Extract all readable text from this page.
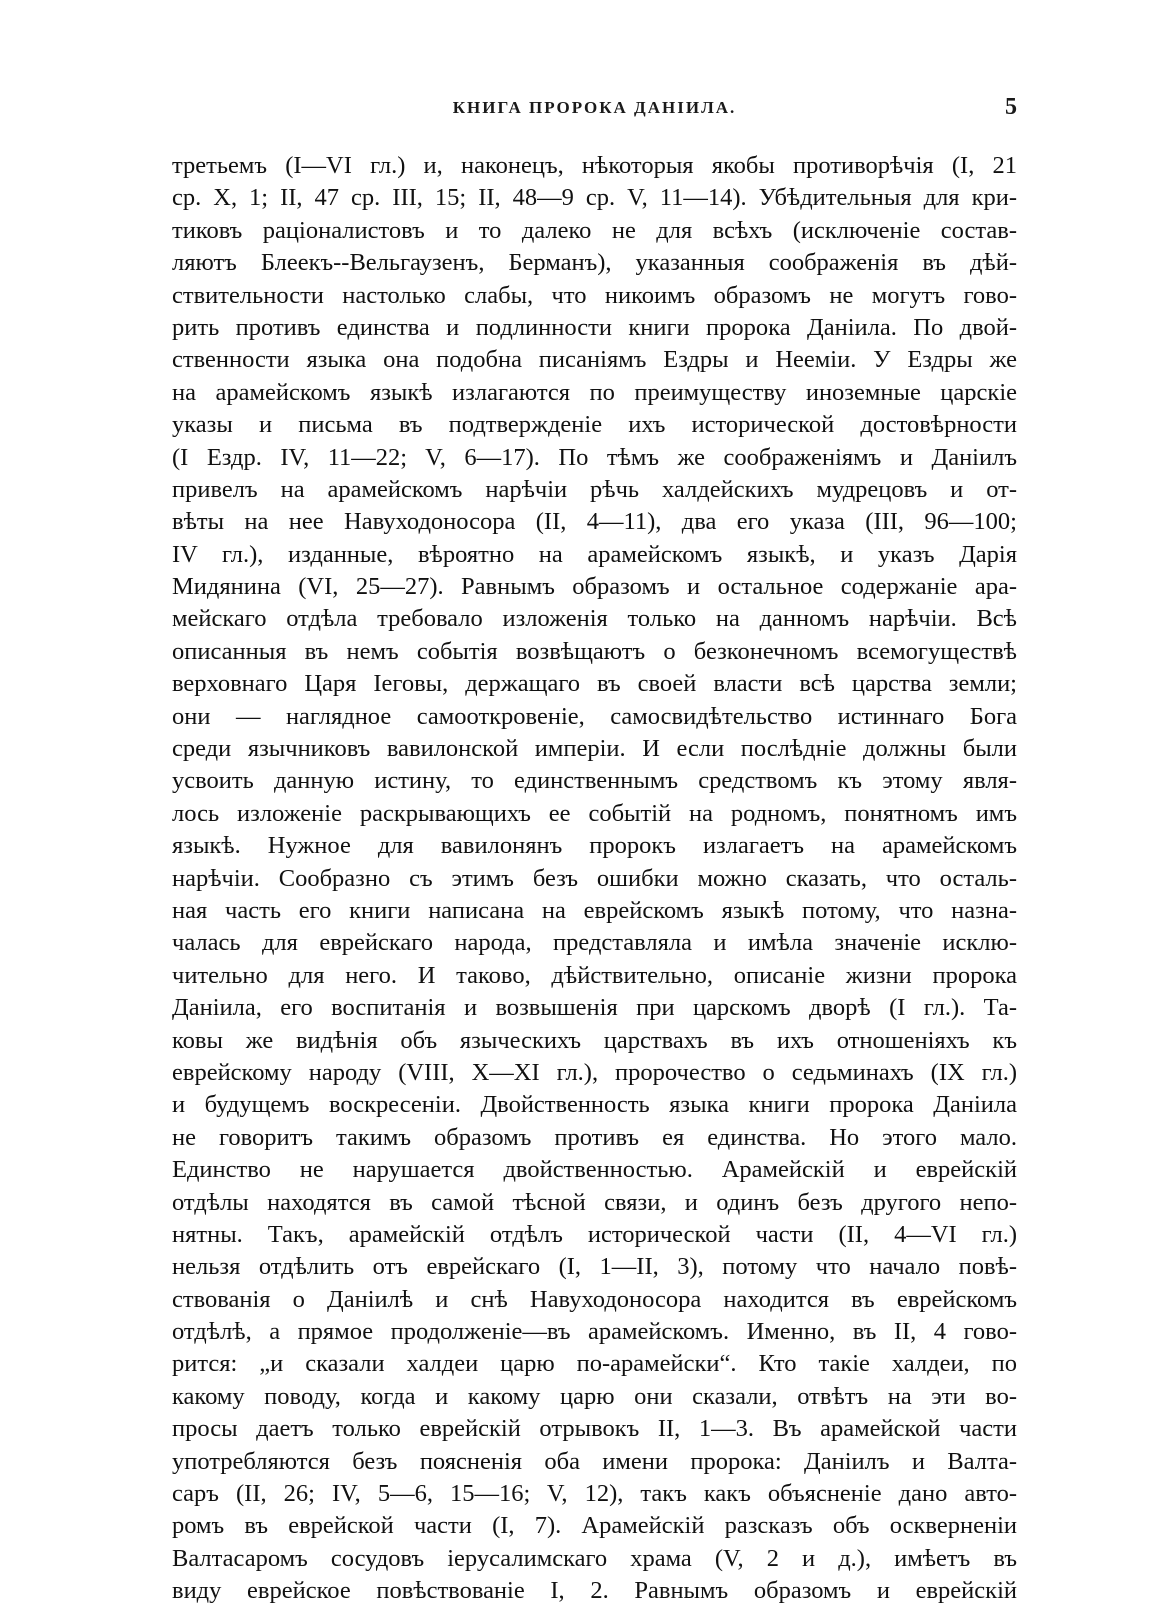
КНИГА ПРОРОКА ДАНІИЛА.	5
третьемъ (I—VI гл.) и, наконецъ, нѣкоторыя якобы противорѣчія (I, 21
ср. X, 1; II, 47 ср. III, 15; II, 48—9 ср. V, 11—14). Убѣдительныя для кри-
тиковъ раціоналистовъ и то далеко не для всѣхъ (исключеніе состав-
ляютъ Блеекъ--Вельгаузенъ, Берманъ), указанныя соображенія въ дѣй-
ствительности настолько слабы, что никоимъ образомъ не могутъ гово-
рить противъ единства и подлинности книги пророка Даніила. По двой-
ственности языка она подобна писаніямъ Ездры и Нееміи. У Ездры же
на арамейскомъ языкѣ излагаются по преимуществу иноземные царскіе
указы и письма въ подтвержденіе ихъ исторической достовѣрности
(I Ездр. IV, 11—22; V, 6—17). По тѣмъ же соображеніямъ и Даніилъ
привелъ на арамейскомъ нарѣчіи рѣчь халдейскихъ мудрецовъ и от-
вѣты на нее Навуходоносора (II, 4—11), два его указа (III, 96—100;
IV гл.), изданные, вѣроятно на арамейскомъ языкѣ, и указъ Дарія
Мидянина (VI, 25—27). Равнымъ образомъ и остальное содержаніе ара-
мейскаго отдѣла требовало изложенія только на данномъ нарѣчіи. Всѣ
описанныя въ немъ событія возвѣщаютъ о безконечномъ всемогуществѣ
верховнаго Царя Іеговы, держащаго въ своей власти всѣ царства земли;
они — наглядное самооткровеніе, самосвидѣтельство истиннаго Бога
среди язычниковъ вавилонской имперіи. И если послѣдніе должны были
усвоить данную истину, то единственнымъ средствомъ къ этому явля-
лось изложеніе раскрывающихъ ее событій на родномъ, понятномъ имъ
языкѣ. Нужное для вавилонянъ пророкъ излагаетъ на арамейскомъ
нарѣчіи. Сообразно съ этимъ безъ ошибки можно сказать, что осталь-
ная часть его книги написана на еврейскомъ языкѣ потому, что назна-
чалась для еврейскаго народа, представляла и имѣла значеніе исклю-
чительно для него. И таково, дѣйствительно, описаніе жизни пророка
Даніила, его воспитанія и возвышенія при царскомъ дворѣ (I гл.). Та-
ковы же видѣнія объ языческихъ царствахъ въ ихъ отношеніяхъ къ
еврейскому народу (VIII, X—XI гл.), пророчество о седьминахъ (IX гл.)
и будущемъ воскресеніи. Двойственность языка книги пророка Даніила
не говоритъ такимъ образомъ противъ ея единства. Но этого мало.
Единство не нарушается двойственностью. Арамейскій и еврейскій
отдѣлы находятся въ самой тѣсной связи, и одинъ безъ другого непо-
нятны. Такъ, арамейскій отдѣлъ исторической части (II, 4—VI гл.)
нельзя отдѣлить отъ еврейскаго (I, 1—II, 3), потому что начало повѣ-
ствованія о Даніилѣ и снѣ Навуходоносора находится въ еврейскомъ
отдѣлѣ, а прямое продолженіе—въ арамейскомъ. Именно, въ II, 4 гово-
рится: „и сказали халдеи царю по-арамейски“. Кто такіе халдеи, по
какому поводу, когда и какому царю они сказали, отвѣтъ на эти во-
просы даетъ только еврейскій отрывокъ II, 1—3. Въ арамейской части
употребляются безъ поясненія оба имени пророка: Даніилъ и Валта-
саръ (II, 26; IV, 5—6, 15—16; V, 12), такъ какъ объясненіе дано авто-
ромъ въ еврейской части (I, 7). Арамейскій разсказъ объ оскверненіи
Валтасаромъ сосудовъ іерусалимскаго храма (V, 2 и д.), имѣетъ въ
виду еврейское повѣствованіе I, 2. Равнымъ образомъ и еврейскій
